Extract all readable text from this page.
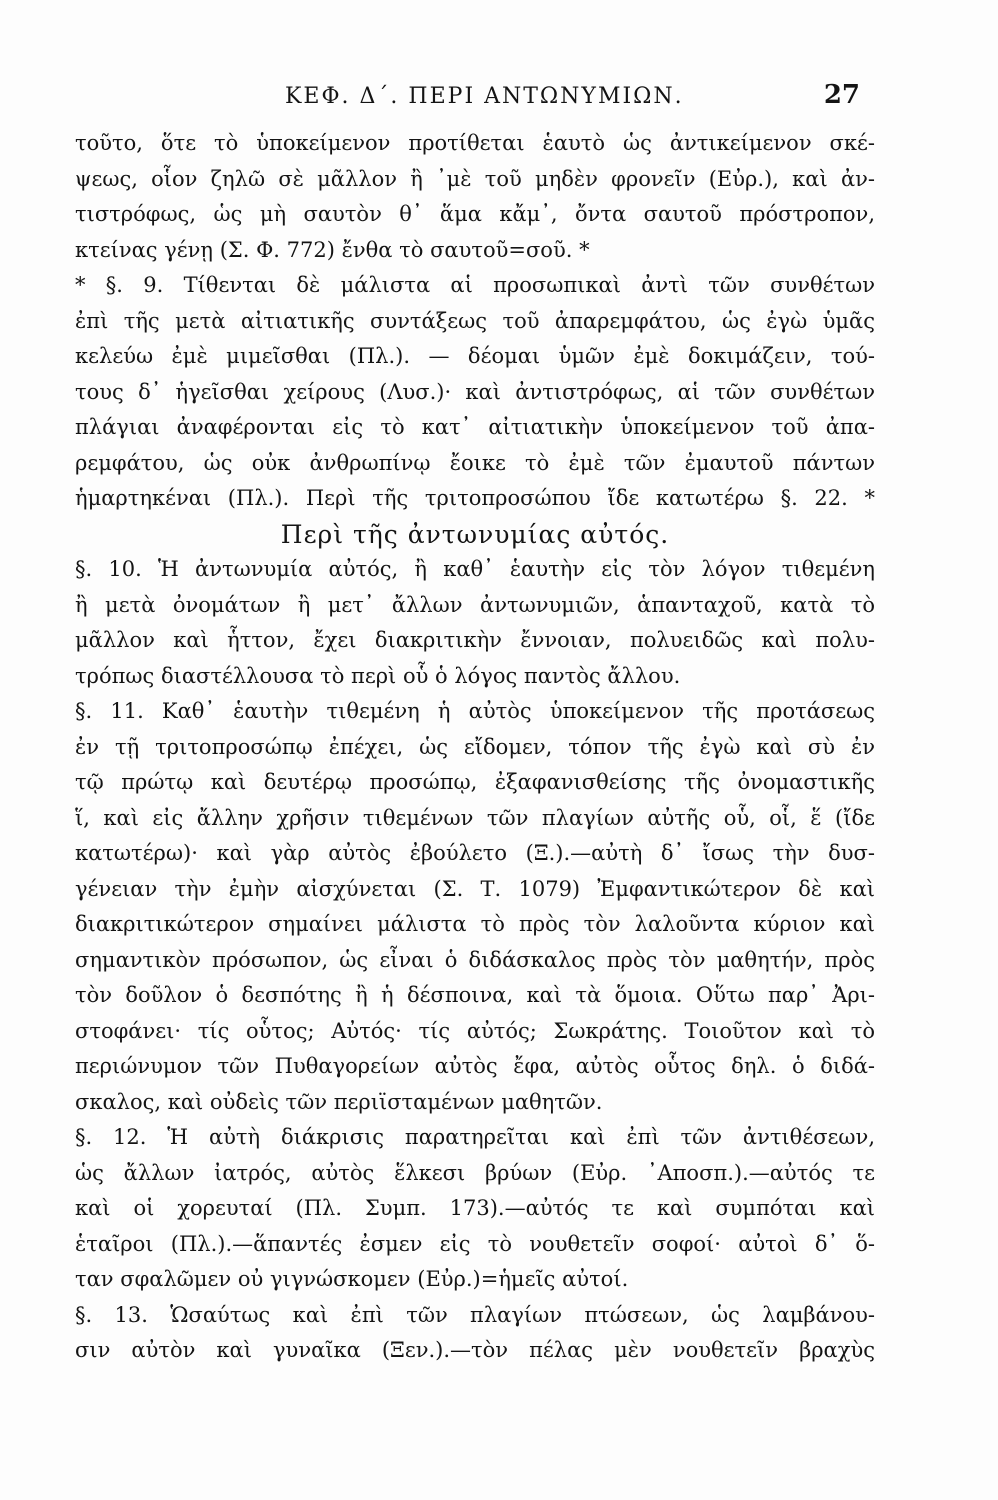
ΚΕΦ. Δ΄. ΠΕΡΙ ΑΝΤΩΝΥΜΙΩΝ.	27
τοῦτο, ὅτε τὸ ὑποκείμενον προτίθεται ἑαυτὸ ὡς ἀντικείμενον σκέ-
ψεως, οἷον ζηλῶ σὲ μᾶλλον ἢ ᾿μὲ τοῦ μηδὲν φρονεῖν (Εὐρ.), καὶ ἀν-
τιστρόφως, ὡς μὴ σαυτὸν θ᾿ ἅμα κἄμ᾿, ὄντα σαυτοῦ πρόστροπον,
κτείνας γένῃ (Σ. Φ. 772) ἔνθα τὸ σαυτοῦ=σοῦ. *
* §. 9. Τίθενται δὲ μάλιστα αἱ προσωπικαὶ ἀντὶ τῶν συνθέτων
ἐπὶ τῆς μετὰ αἰτιατικῆς συντάξεως τοῦ ἀπαρεμφάτου, ὡς ἐγὼ ὑμᾶς
κελεύω ἐμὲ μιμεῖσθαι (Πλ.). — δέομαι ὑμῶν ἐμὲ δοκιμάζειν, τού-
τους δ᾿ ἡγεῖσθαι χείρους (Λυσ.)· καὶ ἀντιστρόφως, αἱ τῶν συνθέτων
πλάγιαι ἀναφέρονται εἰς τὸ κατ᾿ αἰτιατικὴν ὑποκείμενον τοῦ ἀπα-
ρεμφάτου, ὡς οὐκ ἀνθρωπίνῳ ἔοικε τὸ ἐμὲ τῶν ἐμαυτοῦ πάντων
ἡμαρτηκέναι (Πλ.). Περὶ τῆς τριτοπροσώπου ἴδε κατωτέρω §. 22. *
Περὶ τῆς ἀντωνυμίας αὐτός.
§. 10. Ἡ ἀντωνυμία αὐτός, ἢ καθ᾿ ἑαυτὴν εἰς τὸν λόγον τιθεμένη
ἢ μετὰ ὀνομάτων ἢ μετ᾿ ἄλλων ἀντωνυμιῶν, ἁπανταχοῦ, κατὰ τὸ
μᾶλλον καὶ ἧττον, ἔχει διακριτικὴν ἔννοιαν, πολυειδῶς καὶ πολυ-
τρόπως διαστέλλουσα τὸ περὶ οὗ ὁ λόγος παντὸς ἄλλου.
§. 11. Καθ᾿ ἑαυτὴν τιθεμένη ἡ αὐτὸς ὑποκείμενον τῆς προτάσεως
ἐν τῇ τριτοπροσώπῳ ἐπέχει, ὡς εἴδομεν, τόπον τῆς ἐγὼ καὶ σὺ ἐν
τῷ πρώτῳ καὶ δευτέρῳ προσώπῳ, ἐξαφανισθείσης τῆς ὀνομαστικῆς
ἵ, καὶ εἰς ἄλλην χρῆσιν τιθεμένων τῶν πλαγίων αὐτῆς οὗ, οἷ, ἕ (ἴδε
κατωτέρω)· καὶ γὰρ αὐτὸς ἐβούλετο (Ξ.).—αὐτὴ δ᾿ ἴσως τὴν δυσ-
γένειαν τὴν ἐμὴν αἰσχύνεται (Σ. Τ. 1079) Ἐμφαντικώτερον δὲ καὶ
διακριτικώτερον σημαίνει μάλιστα τὸ πρὸς τὸν λαλοῦντα κύριον καὶ
σημαντικὸν πρόσωπον, ὡς εἶναι ὁ διδάσκαλος πρὸς τὸν μαθητήν, πρὸς
τὸν δοῦλον ὁ δεσπότης ἢ ἡ δέσποινα, καὶ τὰ ὅμοια. Οὕτω παρ᾿ Ἀρι-
στοφάνει· τίς οὗτος; Αὐτός· τίς αὐτός; Σωκράτης. Τοιοῦτον καὶ τὸ
περιώνυμον τῶν Πυθαγορείων αὐτὸς ἔφα, αὐτὸς οὗτος δηλ. ὁ διδά-
σκαλος, καὶ οὐδεὶς τῶν περιϊσταμένων μαθητῶν.
§. 12. Ἡ αὐτὴ διάκρισις παρατηρεῖται καὶ ἐπὶ τῶν ἀντιθέσεων,
ὡς ἄλλων ἰατρός, αὐτὸς ἕλκεσι βρύων (Εὐρ. ᾿Αποσπ.).—αὐτός τε
καὶ οἱ χορευταί (Πλ. Συμπ. 173).—αὐτός τε καὶ συμπόται καὶ
ἑταῖροι (Πλ.).—ἅπαντές ἐσμεν εἰς τὸ νουθετεῖν σοφοί· αὐτοὶ δ᾿ ὅ-
ταν σφαλῶμεν οὐ γιγνώσκομεν (Εὐρ.)=ἡμεῖς αὐτοί.
§. 13. Ὡσαύτως καὶ ἐπὶ τῶν πλαγίων πτώσεων, ὡς λαμβάνου-
σιν αὐτὸν καὶ γυναῖκα (Ξεν.).—τὸν πέλας μὲν νουθετεῖν βραχὺς
